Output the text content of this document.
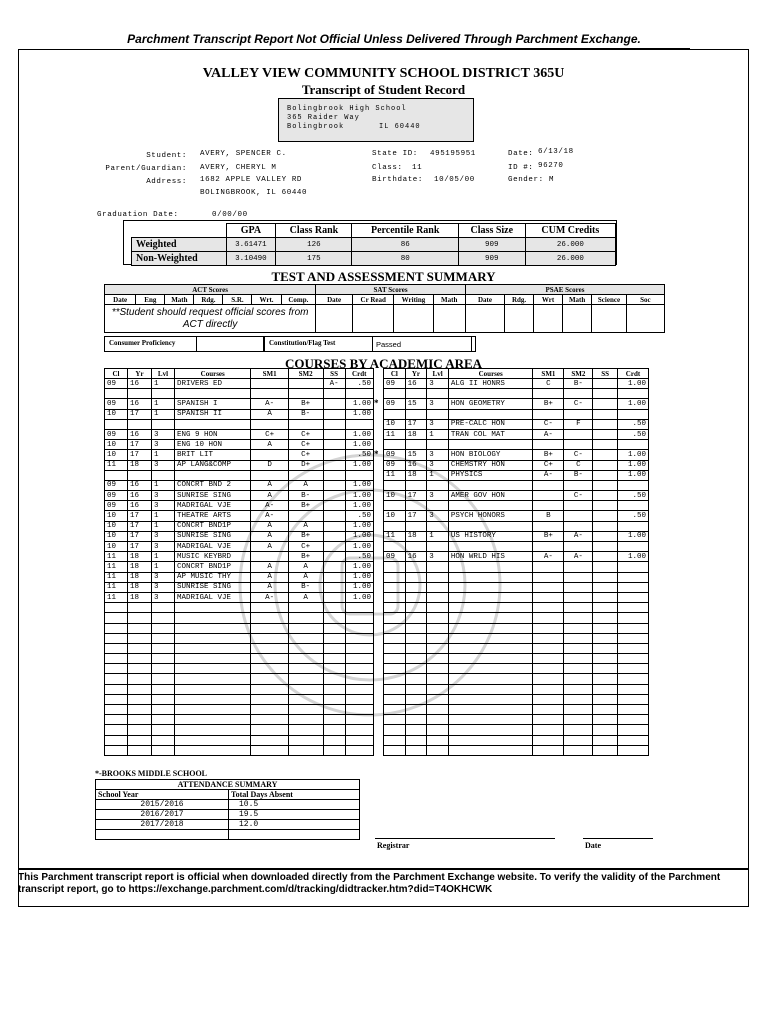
Parchment Transcript Report Not Official Unless Delivered Through Parchment Exchange.
VALLEY VIEW COMMUNITY SCHOOL DISTRICT 365U
Transcript of Student Record
Bolingbrook High School
365 Raider Way
Bolingbrook	IL 60440
Student: AVERY, SPENCER C.
Parent/Guardian: AVERY, CHERYL M
Address: 1682 APPLE VALLEY RD
BOLINGBROOK, IL 60440
State ID: 495195951
Class: 11
Birthdate: 10/05/00
Date: 6/13/18
ID #: 96270
Gender: M
Graduation Date:	0/00/00
	GPA	Class Rank	Percentile Rank	Class Size	CUM Credits
Weighted	3.61471	126	86	909	26.000
Non-Weighted	3.10490	175	80	909	26.000
TEST AND ASSESSMENT SUMMARY
ACT Scores							SAT Scores				PSAE Scores					
Date	Eng	Math	Rdg.	S.R.	Wrt.	Comp.	Date	Cr Read	Writing	Math	Date	Rdg.	Wrt	Math	Science	Soc
**Student should request official scores from ACT directly																
Consumer Proficiency	Constitution/Flag Test	Passed
COURSES BY ACADEMIC AREA
Cl	Yr	Lvl	Courses	SM1	SM2	SS	Crdt
09	16	1	DRIVERS ED			A-	.50

09	16	1	SPANISH I	A-	B+		1.00
10	17	1	SPANISH II	A	B-		1.00

09	16	3	ENG 9 HON	C+	C+		1.00
10	17	3	ENG 10 HON	A	C+		1.00
10	17	1	BRIT LIT		C+		.50
11	18	3	AP LANG&COMP	D	D+		1.00

09	16	1	CONCRT BND 2	A	A		1.00
09	16	3	SUNRISE SING	A	B-		1.00
09	16	3	MADRIGAL VJE	A-	B+		1.00
10	17	1	THEATRE ARTS	A-			.50
10	17	1	CONCRT BND1P	A	A		1.00
10	17	3	SUNRISE SING	A	B+		1.00
10	17	3	MADRIGAL VJE	A	C+		1.00
11	18	1	MUSIC KEYBRD		B+		.50
11	18	1	CONCRT BND1P	A	A		1.00
11	18	3	AP MUSIC THY	A	A		1.00
11	18	3	SUNRISE SING	A	B-		1.00
11	18	3	MADRIGAL VJE	A-	A		1.00

Cl	Yr	Lvl	Courses	SM1	SM2	SS	Crdt
09	16	3	ALG II HONRS	C	B-		1.00

09	15	3	HON GEOMETRY	B+	C-		1.00

10	17	3	PRE-CALC HON	C-	F		.50
11	18	1	TRAN COL MAT	A-			.50

09	15	3	HON BIOLOGY	B+	C-		1.00
09	16	3	CHEMSTRY HON	C+	C		1.00
11	18	1	PHYSICS	A-	B-		1.00

10	17	3	AMER GOV HON		C-		.50

10	17	3	PSYCH HONORS	B			.50

11	18	1	US HISTORY	B+	A-		1.00

09	16	3	HON WRLD HIS	A-	A-		1.00

*-BROOKS MIDDLE SCHOOL
ATTENDANCE SUMMARY	
School Year	Total Days Absent
2015/2016	10.5
2016/2017	19.5
2017/2018	12.0

Registrar	Date
This Parchment transcript report is official when downloaded directly from the Parchment Exchange website. To verify the validity of the Parchment transcript report, go to https://exchange.parchment.com/d/tracking/didtracker.htm?did=T4OKHCWK
*
*
